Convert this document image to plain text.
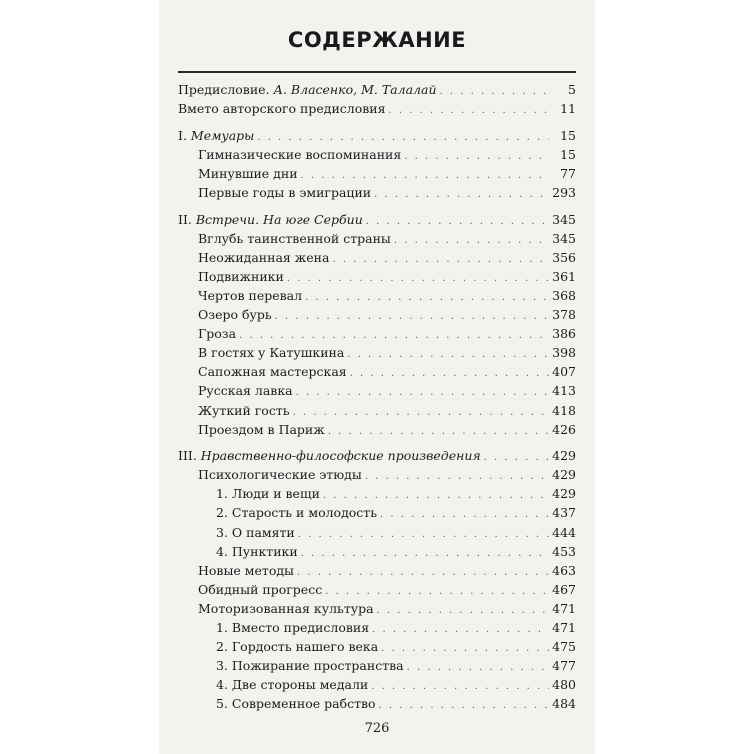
СОДЕРЖАНИЕ
Предисловие. А. Власенко, М. Талалай . . .	5
Вмето авторского предисловия . . .	11
I. Мемуары . . .	15
Гимназические воспоминания . . .	15
Минувшие дни . . .	77
Первые годы в эмиграции . . .	293
II. Встречи. На юге Сербии . . .	345
Вглубь таинственной страны . . .	345
Неожиданная жена . . .	356
Подвижники . . .	361
Чертов перевал . . .	368
Озеро бурь . . .	378
Гроза . . .	386
В гостях у Катушкина . . .	398
Сапожная мастерская . . .	407
Русская лавка . . .	413
Жуткий гость . . .	418
Проездом в Париж . . .	426
III. Нравственно-философские произведения . . .	429
Психологические этюды . . .	429
1. Люди и вещи . . .	429
2. Старость и молодость . . .	437
3. О памяти . . .	444
4. Пунктики . . .	453
Новые методы . . .	463
Обидный прогресс . . .	467
Моторизованная культура . . .	471
1. Вместо предисловия . . .	471
2. Гордость нашего века . . .	475
3. Пожирание пространства . . .	477
4. Две стороны медали . . .	480
5. Современное рабство . . .	484
726
